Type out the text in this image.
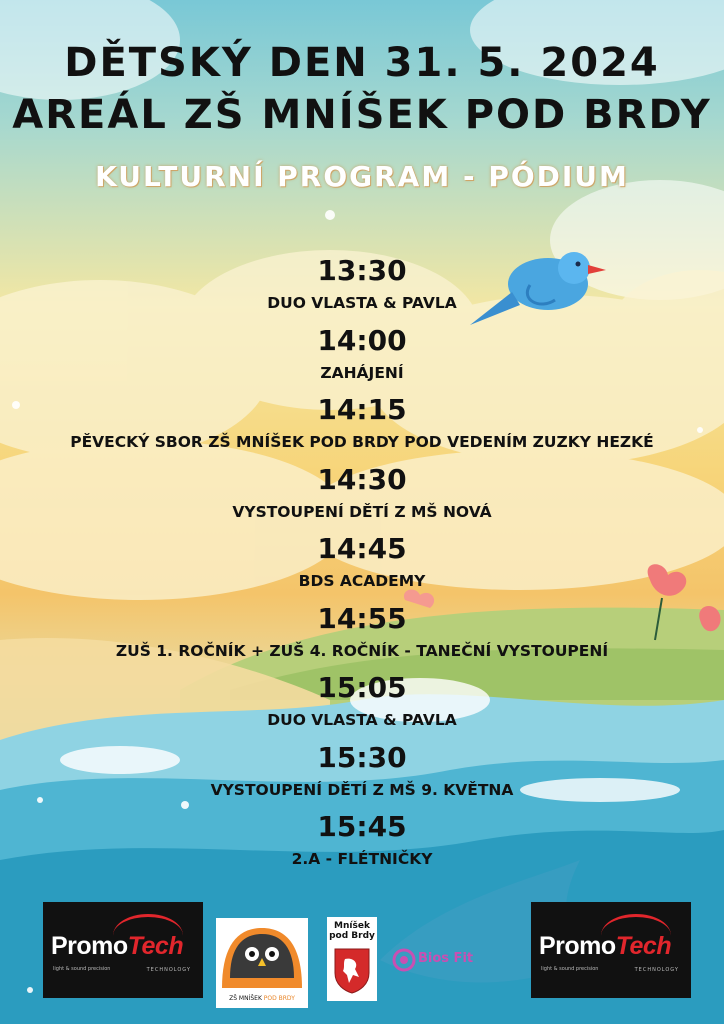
DĚTSKÝ DEN 31. 5. 2024
AREÁL ZŠ MNÍŠEK POD BRDY
KULTURNÍ PROGRAM - PÓDIUM
13:30
DUO VLASTA & PAVLA
14:00
ZAHÁJENÍ
14:15
PĚVECKÝ SBOR ZŠ MNÍŠEK POD BRDY POD VEDENÍM ZUZKY HEZKÉ
14:30
VYSTOUPENÍ DĚTÍ Z MŠ NOVÁ
14:45
BDS ACADEMY
14:55
ZUŠ 1. ROČNÍK + ZUŠ 4. ROČNÍK - TANEČNÍ VYSTOUPENÍ
15:05
DUO VLASTA & PAVLA
15:30
VYSTOUPENÍ DĚTÍ Z MŠ 9. KVĚTNA
15:45
2.A - FLÉTNIČKY
PromoTech
light & sound precision	TECHNOLOGY
ZŠ MNÍŠEK POD BRDY
Mníšek
pod Brdy
Bios Fit	PromoTech
light & sound precision	TECHNOLOGY
